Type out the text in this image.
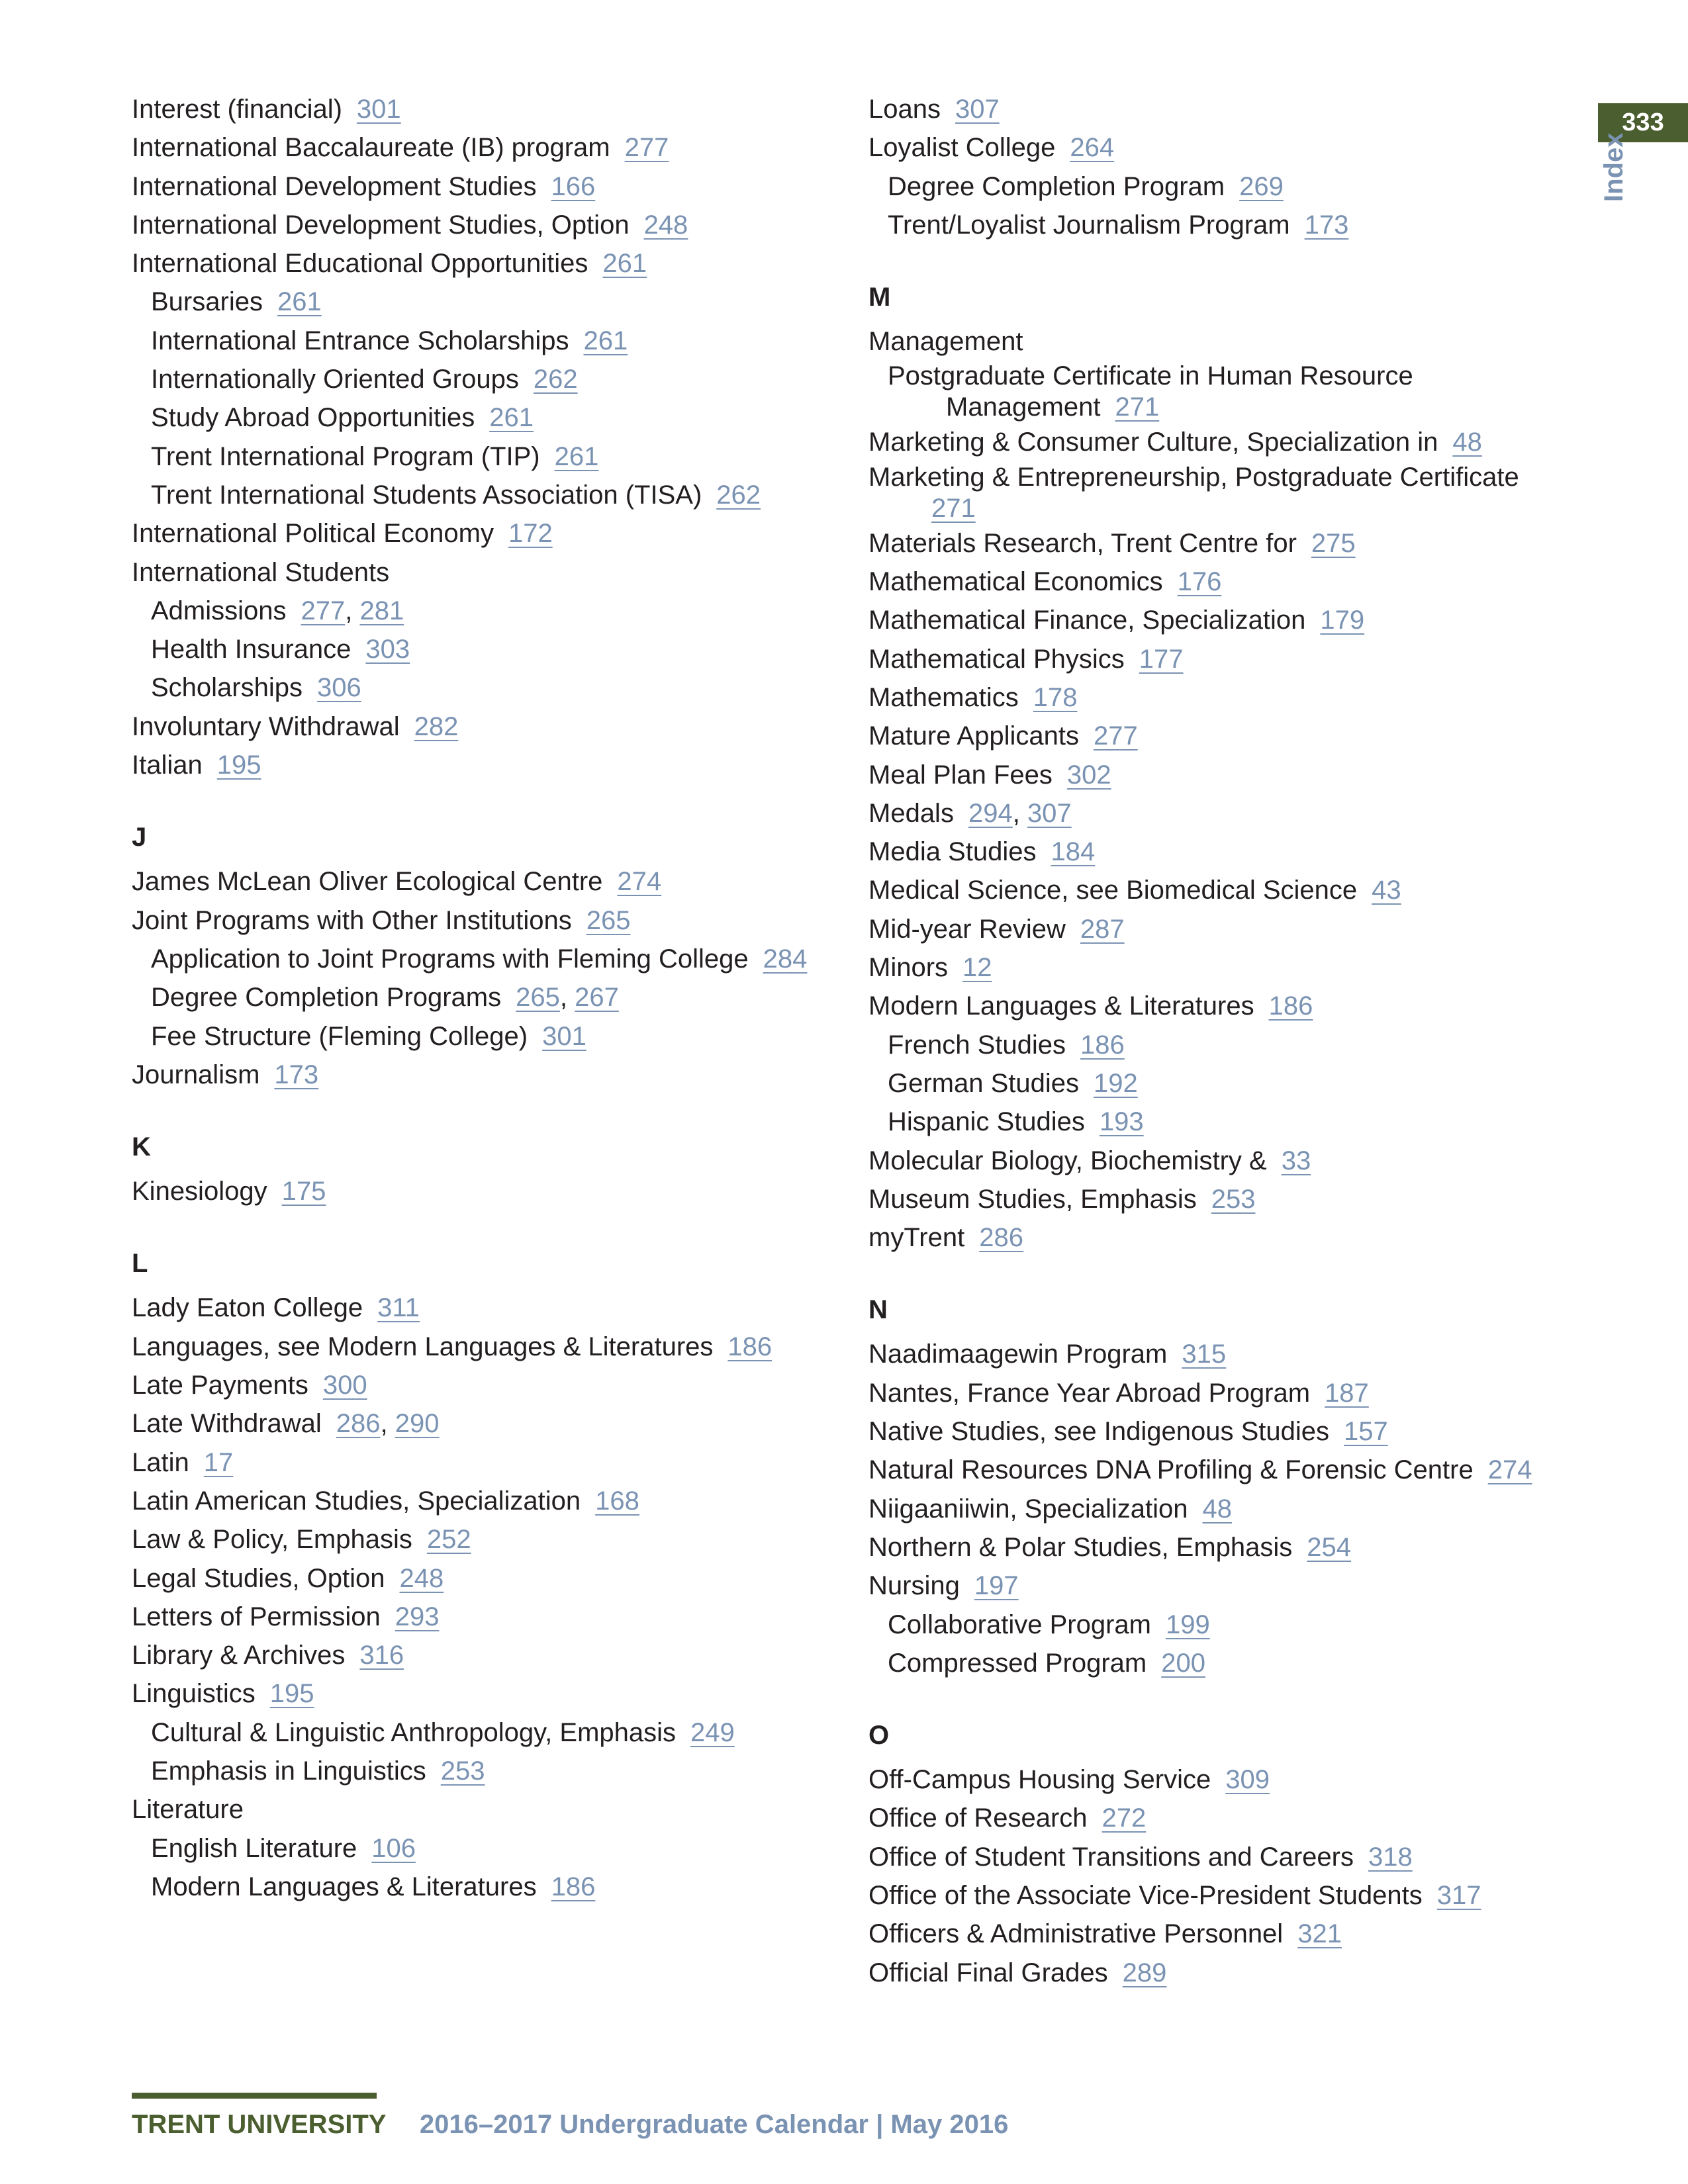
333
Index
Interest (financial) 301
International Baccalaureate (IB) program 277
International Development Studies 166
International Development Studies, Option 248
International Educational Opportunities 261
Bursaries 261
International Entrance Scholarships 261
Internationally Oriented Groups 262
Study Abroad Opportunities 261
Trent International Program (TIP) 261
Trent International Students Association (TISA) 262
International Political Economy 172
International Students
Admissions 277, 281
Health Insurance 303
Scholarships 306
Involuntary Withdrawal 282
Italian 195
J
James McLean Oliver Ecological Centre 274
Joint Programs with Other Institutions 265
Application to Joint Programs with Fleming College 284
Degree Completion Programs 265, 267
Fee Structure (Fleming College) 301
Journalism 173
K
Kinesiology 175
L
Lady Eaton College 311
Languages, see Modern Languages & Literatures 186
Late Payments 300
Late Withdrawal 286, 290
Latin 17
Latin American Studies, Specialization 168
Law & Policy, Emphasis 252
Legal Studies, Option 248
Letters of Permission 293
Library & Archives 316
Linguistics 195
Cultural & Linguistic Anthropology, Emphasis 249
Emphasis in Linguistics 253
Literature
English Literature 106
Modern Languages & Literatures 186
Loans 307
Loyalist College 264
Degree Completion Program 269
Trent/Loyalist Journalism Program 173
M
Management
Postgraduate Certificate in Human Resource
Management 271
Marketing & Consumer Culture, Specialization in 48
Marketing & Entrepreneurship, Postgraduate Certificate
271
Materials Research, Trent Centre for 275
Mathematical Economics 176
Mathematical Finance, Specialization 179
Mathematical Physics 177
Mathematics 178
Mature Applicants 277
Meal Plan Fees 302
Medals 294, 307
Media Studies 184
Medical Science, see Biomedical Science 43
Mid-year Review 287
Minors 12
Modern Languages & Literatures 186
French Studies 186
German Studies 192
Hispanic Studies 193
Molecular Biology, Biochemistry & 33
Museum Studies, Emphasis 253
myTrent 286
N
Naadimaagewin Program 315
Nantes, France Year Abroad Program 187
Native Studies, see Indigenous Studies 157
Natural Resources DNA Profiling & Forensic Centre 274
Niigaaniiwin, Specialization 48
Northern & Polar Studies, Emphasis 254
Nursing 197
Collaborative Program 199
Compressed Program 200
O
Off-Campus Housing Service 309
Office of Research 272
Office of Student Transitions and Careers 318
Office of the Associate Vice-President Students 317
Officers & Administrative Personnel 321
Official Final Grades 289
TRENT UNIVERSITY 2016–2017 Undergraduate Calendar | May 2016
